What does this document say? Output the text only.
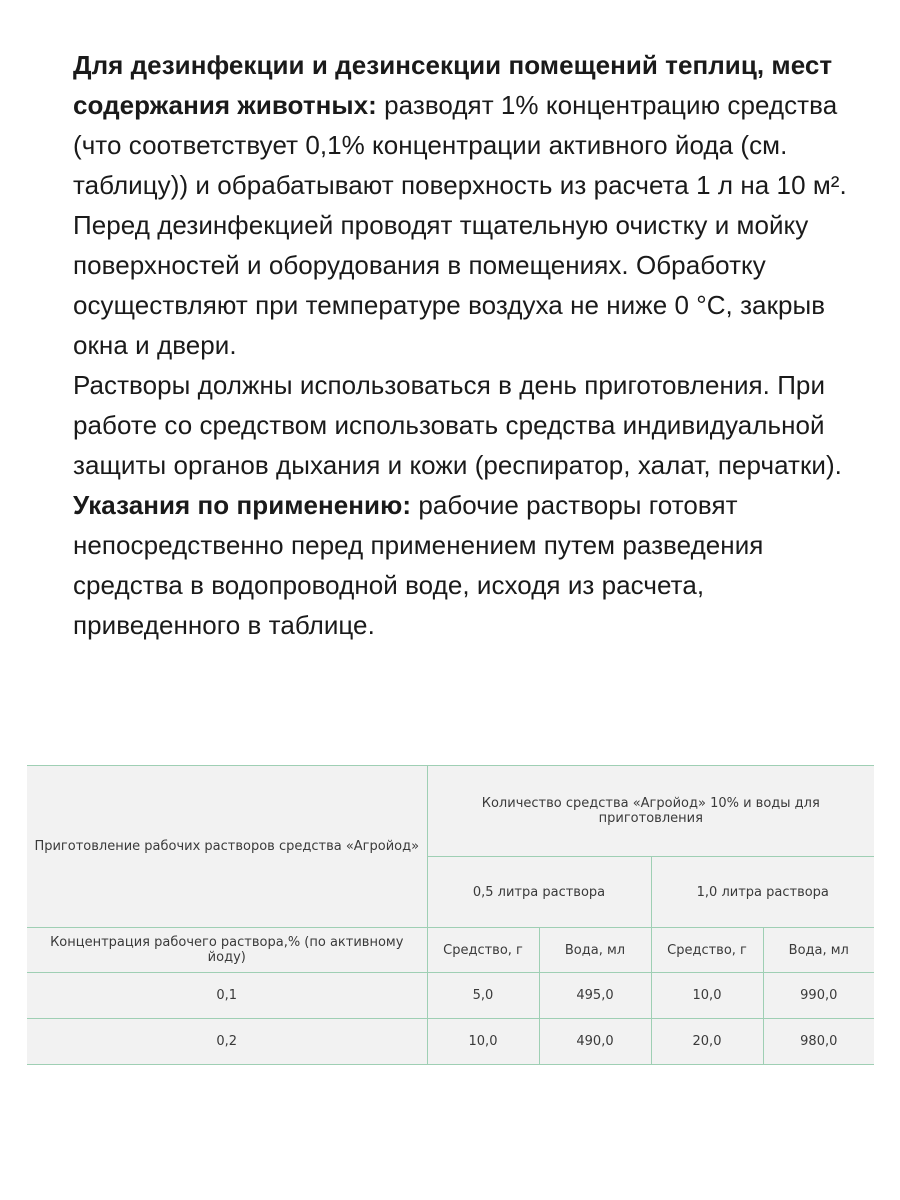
Для дезинфекции и дезинсекции помещений теплиц, мест содержания животных: разводят 1% концентрацию средства (что соответствует 0,1% концентрации активного йода (см. таблицу)) и обрабатывают поверхность из расчета 1 л на 10 м². Перед дезинфекцией проводят тщательную очистку и мойку поверхностей и оборудования в помещениях. Обработку осуществляют при температуре воздуха не ниже 0 °С, закрыв окна и двери.

Растворы должны использоваться в день приготовления. При работе со средством использовать средства индивидуальной защиты органов дыхания и кожи (респиратор, халат, перчатки).

Указания по применению: рабочие растворы готовят непосредственно перед применением путем разведения средства в водопроводной воде, исходя из расчета, приведенного в таблице.

Приготовление рабочих растворов средства «Агройод»	Количество средства «Агройод» 10% и воды для приготовления			
	0,5 литра раствора		1,0 литра раствора	
Концентрация рабочего раствора,% (по активному йоду)	Средство, г	Вода, мл	Средство, г	Вода, мл
0,1	5,0	495,0	10,0	990,0
0,2	10,0	490,0	20,0	980,0
